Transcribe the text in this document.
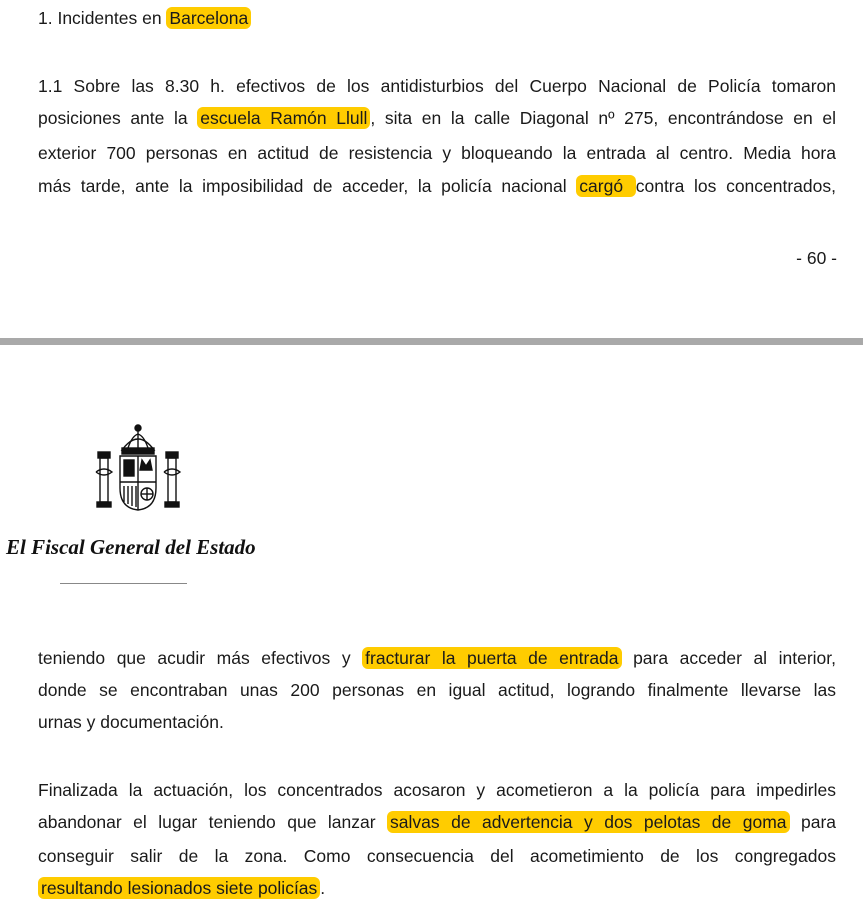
1. Incidentes en Barcelona
1.1 Sobre las 8.30 h. efectivos de los antidisturbios del Cuerpo Nacional de Policía tomaron
posiciones ante la escuela Ramón Llull , sita en la calle Diagonal nº 275, encontrándose en el
exterior 700 personas en actitud de resistencia y bloqueando la entrada al centro. Media hora
más tarde, ante la imposibilidad de acceder, la policía nacional cargó contra los concentrados,
- 60 -
El Fiscal General del Estado
teniendo que acudir más efectivos y fracturar la puerta de entrada para acceder al interior,
donde se encontraban unas 200 personas en igual actitud, logrando finalmente llevarse las
urnas y documentación.
Finalizada la actuación, los concentrados acosaron y acometieron a la policía para impedirles
abandonar el lugar teniendo que lanzar salvas de advertencia y dos pelotas de goma para
conseguir salir de la zona. Como consecuencia del acometimiento de los congregados
resultando lesionados siete policías .
